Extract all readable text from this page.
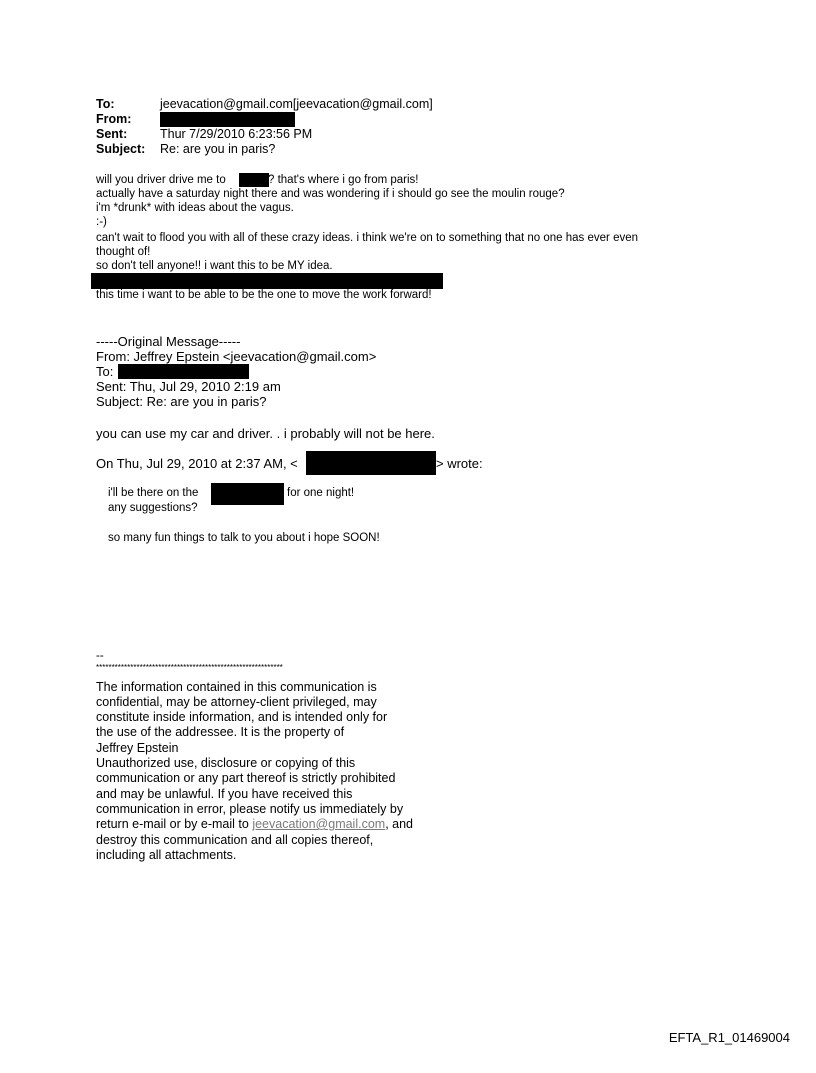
To:	jeevacation@gmail.com[jeevacation@gmail.com]
From:
Sent:	Thur 7/29/2010 6:23:56 PM
Subject: Re: are you in paris?
will you driver drive me to	? that's where i go from paris!
actually have a saturday night there and was wondering if i should go see the moulin rouge?
i'm *drunk* with ideas about the vagus.
:-)
can't wait to flood you with all of these crazy ideas. i think we're on to something that no one has ever even
thought of!
so don't tell anyone!! i want this to be MY idea.
this time i want to be able to be the one to move the work forward!
-----Original Message-----
From: Jeffrey Epstein <jeevacation@gmail.com>
To:
Sent: Thu, Jul 29, 2010 2:19 am
Subject: Re: are you in paris?
you can use my car and driver. . i probably will not be here.
On Thu, Jul 29, 2010 at 2:37 AM, <	> wrote:
i'll be there on the	for one night!
any suggestions?
so many fun things to talk to you about i hope SOON!
--
************************************************************
The information contained in this communication is
confidential, may be attorney-client privileged, may
constitute inside information, and is intended only for
the use of the addressee. It is the property of
Jeffrey Epstein
Unauthorized use, disclosure or copying of this
communication or any part thereof is strictly prohibited
and may be unlawful. If you have received this
communication in error, please notify us immediately by
return e-mail or by e-mail to jeevacation@gmail.com, and
destroy this communication and all copies thereof,
including all attachments.
EFTA_R1_01469004
